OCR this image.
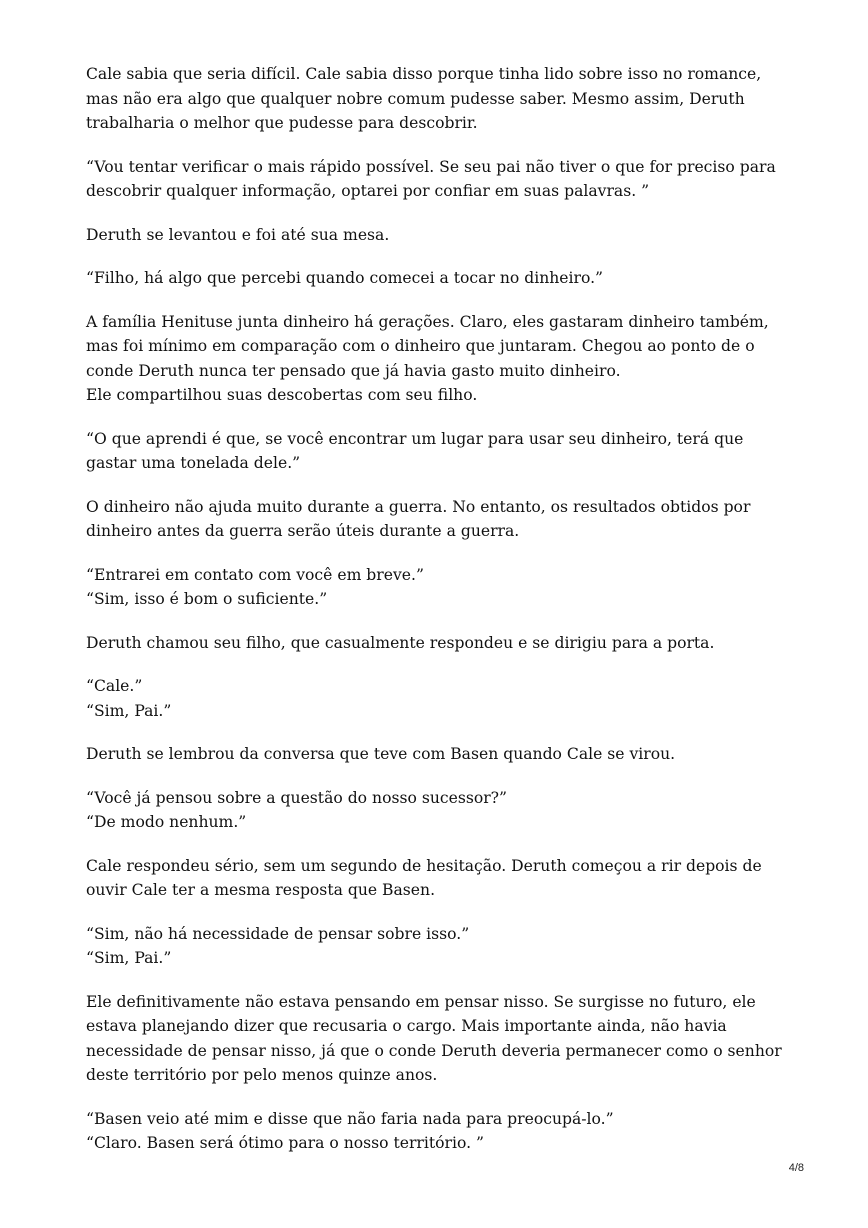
Cale sabia que seria difícil. Cale sabia disso porque tinha lido sobre isso no romance,
mas não era algo que qualquer nobre comum pudesse saber. Mesmo assim, Deruth
trabalharia o melhor que pudesse para descobrir.

“Vou tentar verificar o mais rápido possível. Se seu pai não tiver o que for preciso para
descobrir qualquer informação, optarei por confiar em suas palavras. ”

Deruth se levantou e foi até sua mesa.

“Filho, há algo que percebi quando comecei a tocar no dinheiro.”

A família Henituse junta dinheiro há gerações. Claro, eles gastaram dinheiro também,
mas foi mínimo em comparação com o dinheiro que juntaram. Chegou ao ponto de o
conde Deruth nunca ter pensado que já havia gasto muito dinheiro.
Ele compartilhou suas descobertas com seu filho.

“O que aprendi é que, se você encontrar um lugar para usar seu dinheiro, terá que
gastar uma tonelada dele.”

O dinheiro não ajuda muito durante a guerra. No entanto, os resultados obtidos por
dinheiro antes da guerra serão úteis durante a guerra.

“Entrarei em contato com você em breve.”
“Sim, isso é bom o suficiente.”

Deruth chamou seu filho, que casualmente respondeu e se dirigiu para a porta.

“Cale.”
“Sim, Pai.”

Deruth se lembrou da conversa que teve com Basen quando Cale se virou.

“Você já pensou sobre a questão do nosso sucessor?”
“De modo nenhum.”

Cale respondeu sério, sem um segundo de hesitação. Deruth começou a rir depois de
ouvir Cale ter a mesma resposta que Basen.

“Sim, não há necessidade de pensar sobre isso.”
“Sim, Pai.”

Ele definitivamente não estava pensando em pensar nisso. Se surgisse no futuro, ele
estava planejando dizer que recusaria o cargo. Mais importante ainda, não havia
necessidade de pensar nisso, já que o conde Deruth deveria permanecer como o senhor
deste território por pelo menos quinze anos.

“Basen veio até mim e disse que não faria nada para preocupá-lo.”
“Claro. Basen será ótimo para o nosso território. ”

4/8
